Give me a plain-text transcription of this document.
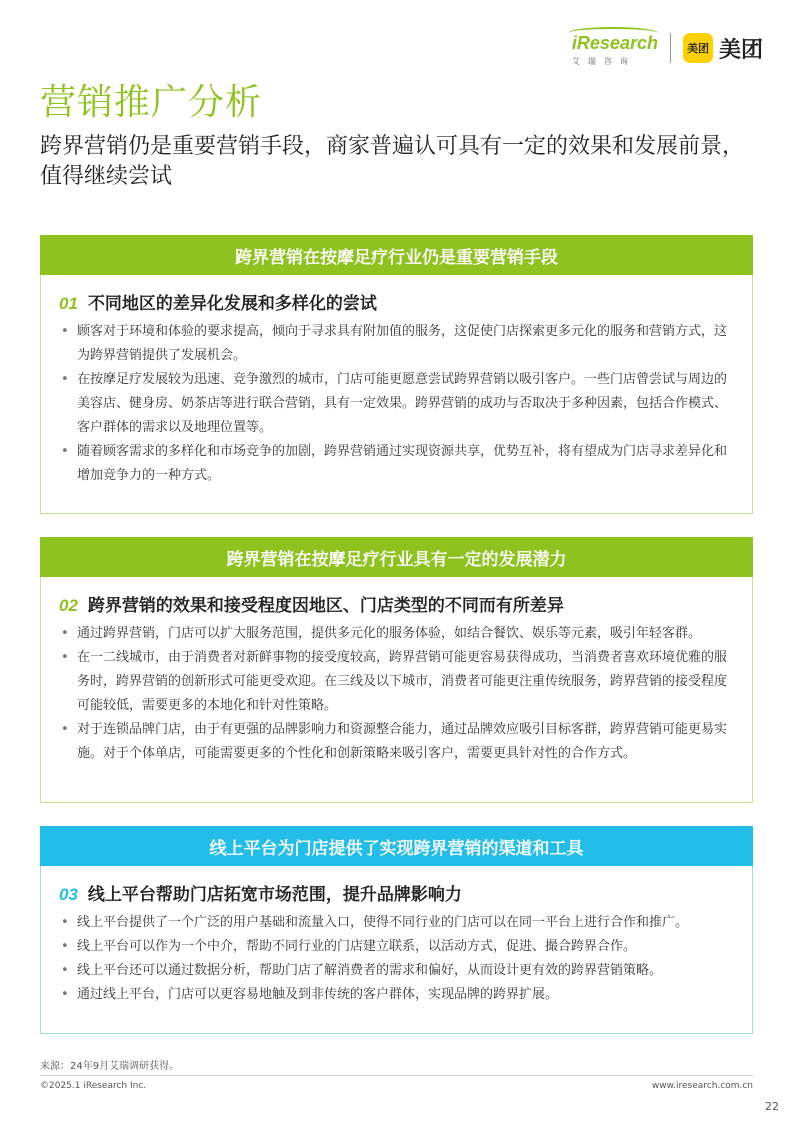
iResearch
艾瑞咨询
美团 美团
营销推广分析

跨界营销仍是重要营销手段，商家普遍认可具有一定的效果和发展前景，值得继续尝试

跨界营销在按摩足疗行业仍是重要营销手段
01 不同地区的差异化发展和多样化的尝试
• 顾客对于环境和体验的要求提高，倾向于寻求具有附加值的服务，这促使门店探索更多元化的服务和营销方式，这为跨界营销提供了发展机会。
• 在按摩足疗发展较为迅速、竞争激烈的城市，门店可能更愿意尝试跨界营销以吸引客户。一些门店曾尝试与周边的美容店、健身房、奶茶店等进行联合营销，具有一定效果。跨界营销的成功与否取决于多种因素，包括合作模式、客户群体的需求以及地理位置等。
• 随着顾客需求的多样化和市场竞争的加剧，跨界营销通过实现资源共享，优势互补，将有望成为门店寻求差异化和增加竞争力的一种方式。
跨界营销在按摩足疗行业具有一定的发展潜力
02 跨界营销的效果和接受程度因地区、门店类型的不同而有所差异
• 通过跨界营销，门店可以扩大服务范围，提供多元化的服务体验，如结合餐饮、娱乐等元素，吸引年轻客群。
• 在一二线城市，由于消费者对新鲜事物的接受度较高，跨界营销可能更容易获得成功，当消费者喜欢环境优雅的服务时，跨界营销的创新形式可能更受欢迎。在三线及以下城市，消费者可能更注重传统服务，跨界营销的接受程度可能较低，需要更多的本地化和针对性策略。
• 对于连锁品牌门店，由于有更强的品牌影响力和资源整合能力，通过品牌效应吸引目标客群，跨界营销可能更易实施。对于个体单店，可能需要更多的个性化和创新策略来吸引客户，需要更具针对性的合作方式。
线上平台为门店提供了实现跨界营销的渠道和工具
03 线上平台帮助门店拓宽市场范围，提升品牌影响力
• 线上平台提供了一个广泛的用户基础和流量入口，使得不同行业的门店可以在同一平台上进行合作和推广。
• 线上平台可以作为一个中介，帮助不同行业的门店建立联系，以活动方式，促进、撮合跨界合作。
• 线上平台还可以通过数据分析，帮助门店了解消费者的需求和偏好，从而设计更有效的跨界营销策略。
• 通过线上平台，门店可以更容易地触及到非传统的客户群体，实现品牌的跨界扩展。
来源：24年9月艾瑞调研获得。
©2025.1 iResearch Inc.	www.iresearch.com.cn
22
